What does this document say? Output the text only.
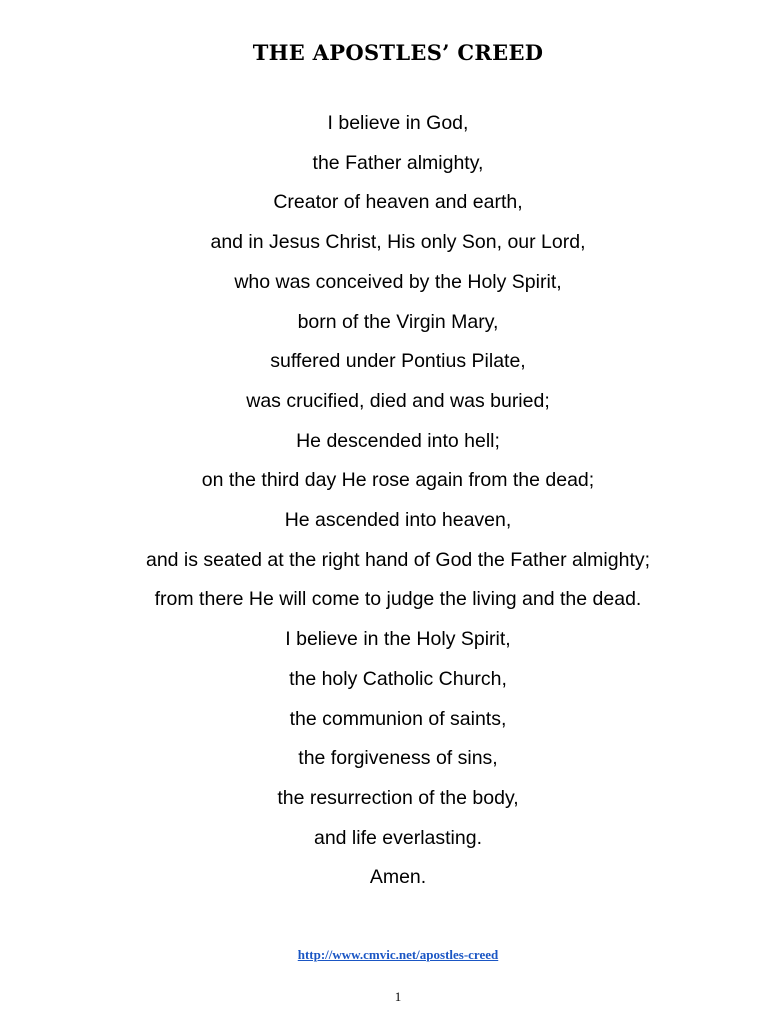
THE APOSTLES’ CREED
I believe in God,
the Father almighty,
Creator of heaven and earth,
and in Jesus Christ, His only Son, our Lord,
who was conceived by the Holy Spirit,
born of the Virgin Mary,
suffered under Pontius Pilate,
was crucified, died and was buried;
He descended into hell;
on the third day He rose again from the dead;
He ascended into heaven,
and is seated at the right hand of God the Father almighty;
from there He will come to judge the living and the dead.
I believe in the Holy Spirit,
the holy Catholic Church,
the communion of saints,
the forgiveness of sins,
the resurrection of the body,
and life everlasting.
Amen.
http://www.cmvic.net/apostles-creed
1
